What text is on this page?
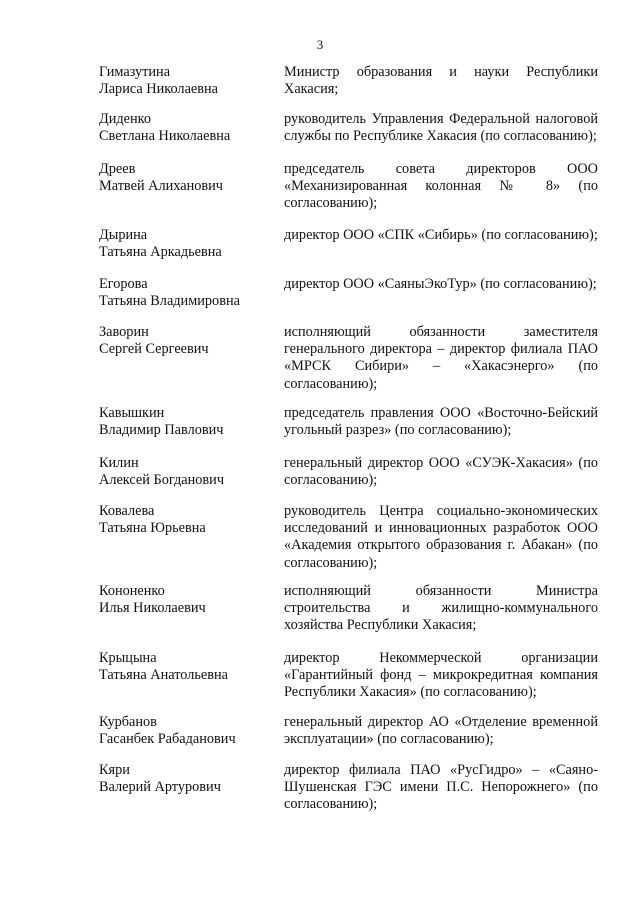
3
Гимазутина
Лариса Николаевна
Министр образования и науки Республики Хакасия;
Диденко
Светлана Николаевна
руководитель Управления Федеральной налоговой службы по Республике Хакасия (по согласованию);
Дреев
Матвей Алиханович
председатель совета директоров ООО «Механизированная колонная № 8» (по согласованию);
Дырина
Татьяна Аркадьевна
директор ООО «СПК «Сибирь» (по согласованию);
Егорова
Татьяна Владимировна
директор ООО «СаяныЭкоТур» (по согласованию);
Заворин
Сергей Сергеевич
исполняющий обязанности заместителя генерального директора – директор филиала ПАО «МРСК Сибири» – «Хакасэнерго» (по согласованию);
Кавышкин
Владимир Павлович
председатель правления ООО «Восточно-Бейский угольный разрез» (по согласованию);
Килин
Алексей Богданович
генеральный директор ООО «СУЭК-Хакасия» (по согласованию);
Ковалева
Татьяна Юрьевна
руководитель Центра социально-экономических исследований и инновационных разработок ООО «Академия открытого образования г. Абакан» (по согласованию);
Кононенко
Илья Николаевич
исполняющий обязанности Министра строительства и жилищно-коммунального хозяйства Республики Хакасия;
Крыцына
Татьяна Анатольевна
директор Некоммерческой организации «Гарантийный фонд – микрокредитная компания Республики Хакасия» (по согласованию);
Курбанов
Гасанбек Рабаданович
генеральный директор АО «Отделение временной эксплуатации» (по согласованию);
Кяри
Валерий Артурович
директор филиала ПАО «РусГидро» – «Саяно-Шушенская ГЭС имени П.С. Непорожнего» (по согласованию);
